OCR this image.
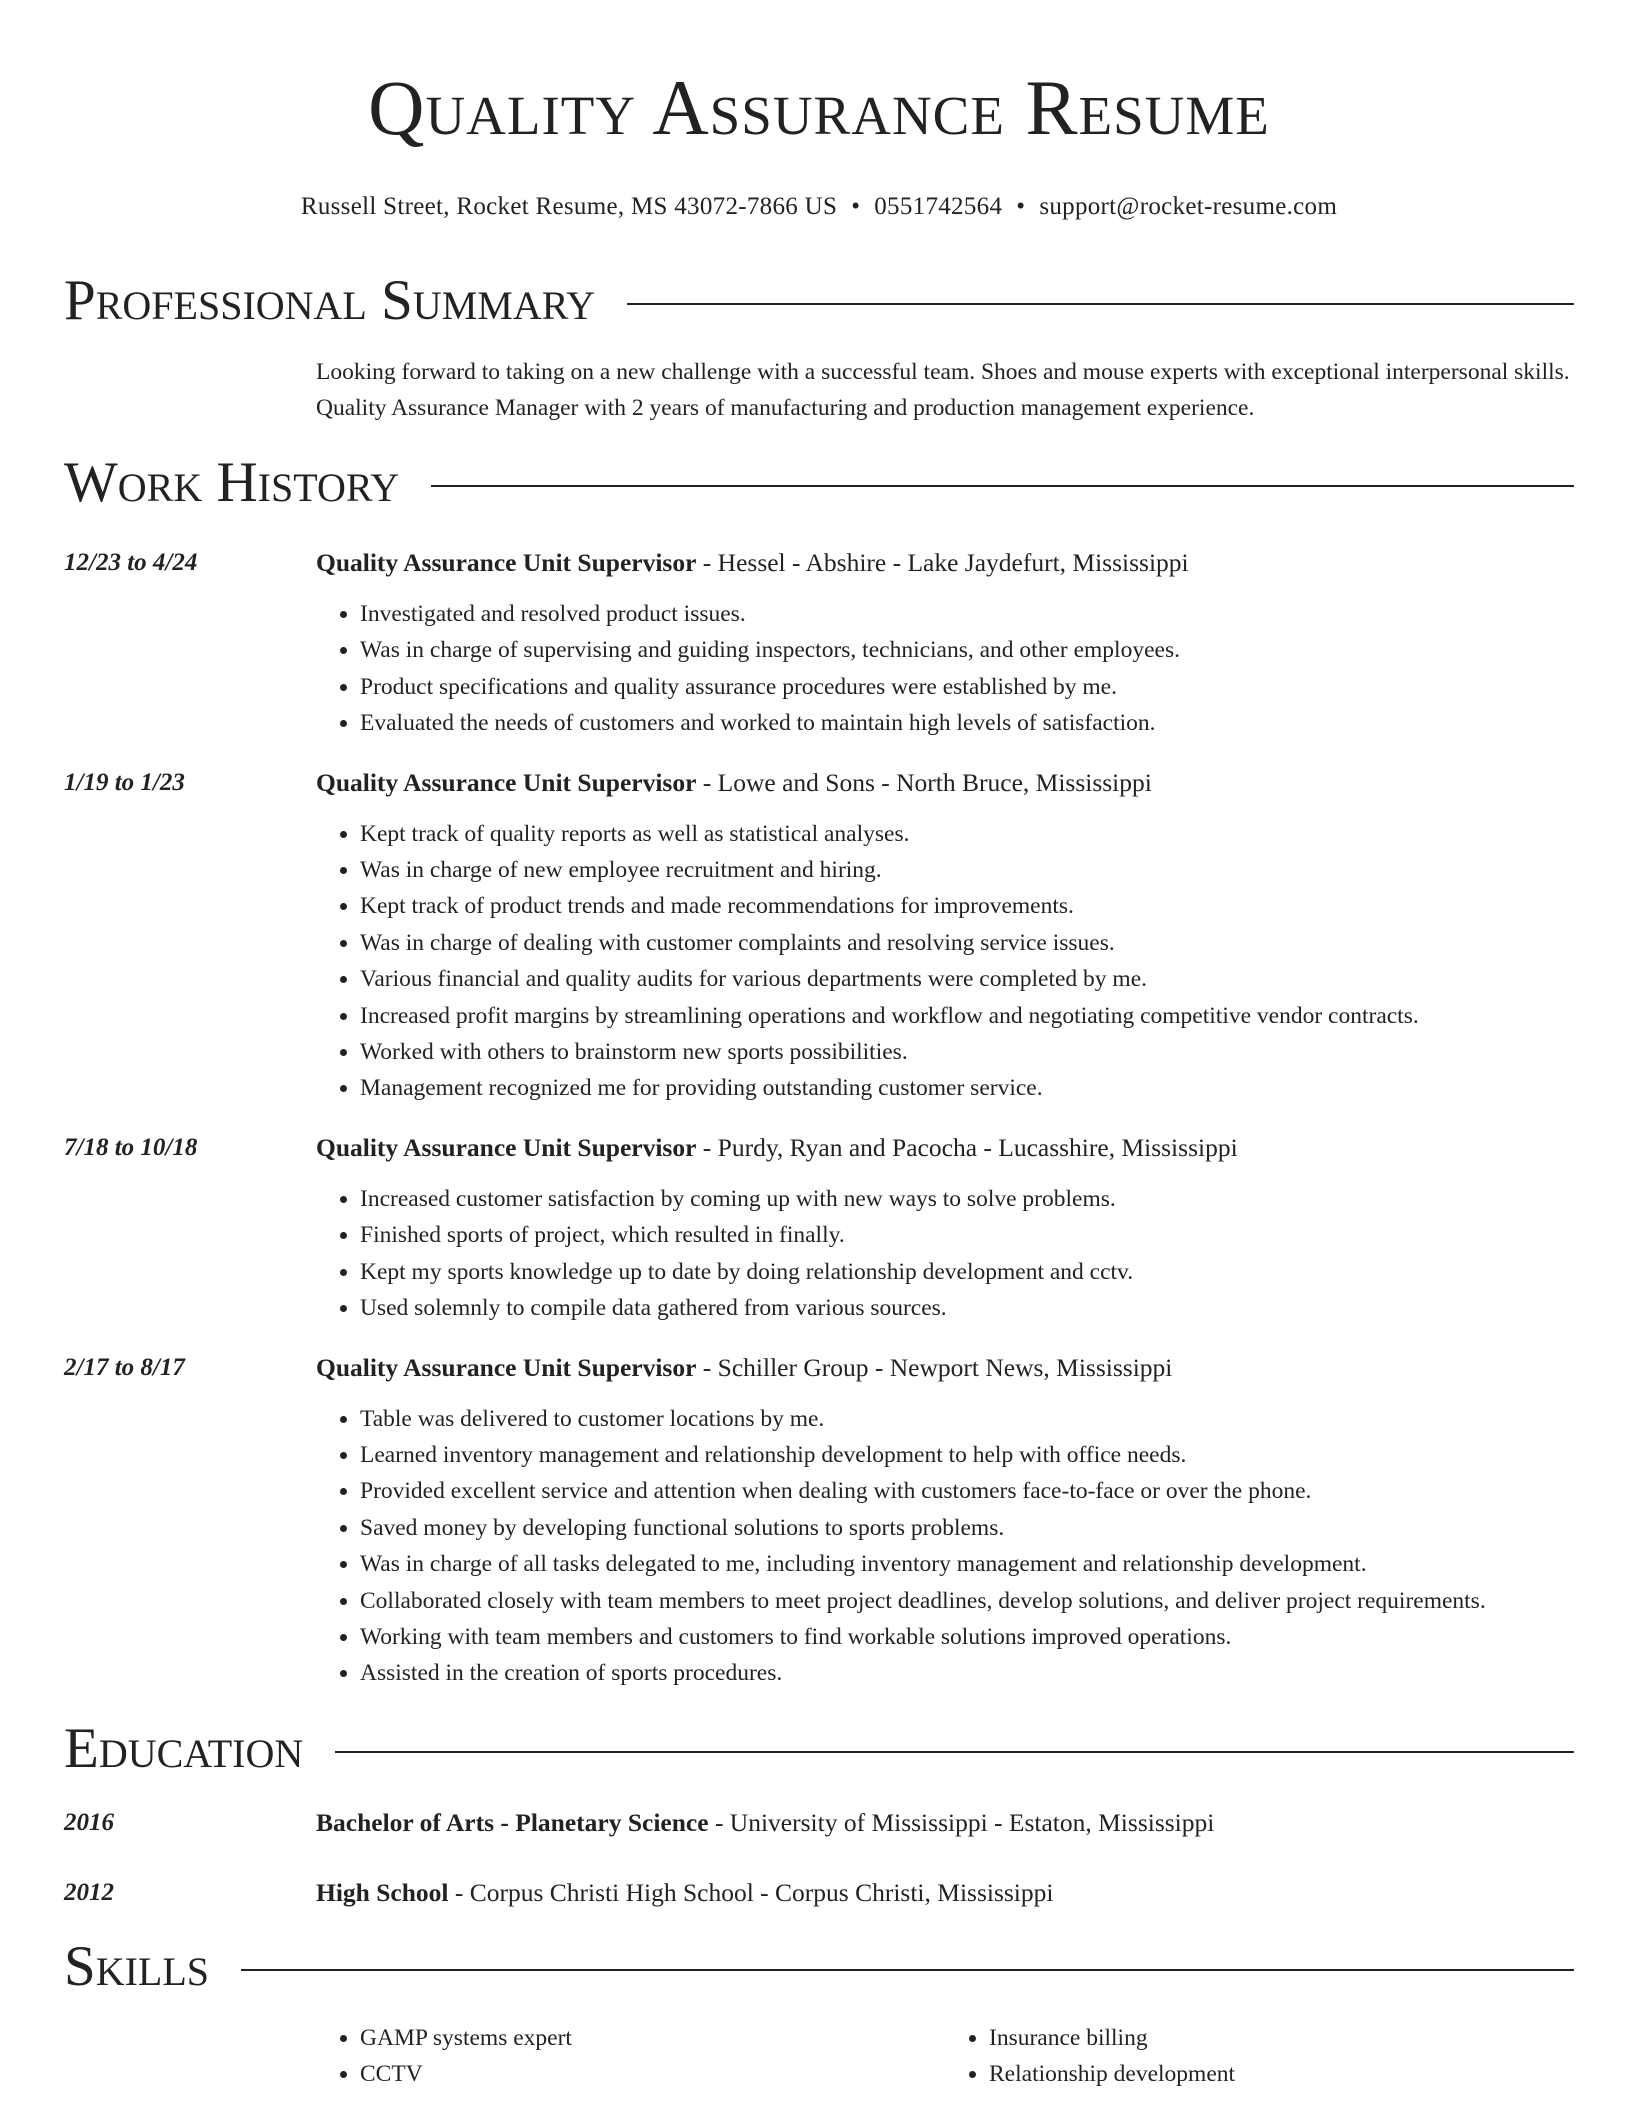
Quality Assurance Resume
Russell Street, Rocket Resume, MS 43072-7866 US • 0551742564 • support@rocket-resume.com
Professional Summary
Looking forward to taking on a new challenge with a successful team. Shoes and mouse experts with exceptional interpersonal skills. Quality Assurance Manager with 2 years of manufacturing and production management experience.
Work History
12/23 to 4/24	Quality Assurance Unit Supervisor - Hessel - Abshire - Lake Jaydefurt, Mississippi
• Investigated and resolved product issues.
• Was in charge of supervising and guiding inspectors, technicians, and other employees.
• Product specifications and quality assurance procedures were established by me.
• Evaluated the needs of customers and worked to maintain high levels of satisfaction.
1/19 to 1/23	Quality Assurance Unit Supervisor - Lowe and Sons - North Bruce, Mississippi
• Kept track of quality reports as well as statistical analyses.
• Was in charge of new employee recruitment and hiring.
• Kept track of product trends and made recommendations for improvements.
• Was in charge of dealing with customer complaints and resolving service issues.
• Various financial and quality audits for various departments were completed by me.
• Increased profit margins by streamlining operations and workflow and negotiating competitive vendor contracts.
• Worked with others to brainstorm new sports possibilities.
• Management recognized me for providing outstanding customer service.
7/18 to 10/18	Quality Assurance Unit Supervisor - Purdy, Ryan and Pacocha - Lucasshire, Mississippi
• Increased customer satisfaction by coming up with new ways to solve problems.
• Finished sports of project, which resulted in finally.
• Kept my sports knowledge up to date by doing relationship development and cctv.
• Used solemnly to compile data gathered from various sources.
2/17 to 8/17	Quality Assurance Unit Supervisor - Schiller Group - Newport News, Mississippi
• Table was delivered to customer locations by me.
• Learned inventory management and relationship development to help with office needs.
• Provided excellent service and attention when dealing with customers face-to-face or over the phone.
• Saved money by developing functional solutions to sports problems.
• Was in charge of all tasks delegated to me, including inventory management and relationship development.
• Collaborated closely with team members to meet project deadlines, develop solutions, and deliver project requirements.
• Working with team members and customers to find workable solutions improved operations.
• Assisted in the creation of sports procedures.
Education
2016	Bachelor of Arts - Planetary Science - University of Mississippi - Estaton, Mississippi
2012	High School - Corpus Christi High School - Corpus Christi, Mississippi
Skills
• GAMP systems expert
• CCTV
• Insurance billing
• Relationship development
